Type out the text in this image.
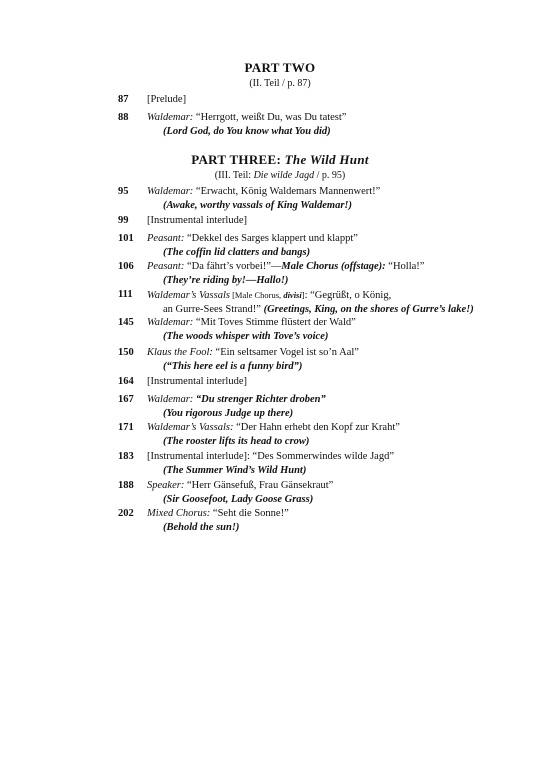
PART TWO
(II. Teil / p. 87)
87	[Prelude]
88	Waldemar: “Herrgott, weißt Du, was Du tatest”
(Lord God, do You know what You did)
PART THREE: The Wild Hunt
(III. Teil: Die wilde Jagd / p. 95)
95	Waldemar: “Erwacht, König Waldemars Mannenwert!”
(Awake, worthy vassals of King Waldemar!)
99	[Instrumental interlude]
101	Peasant: “Dekkel des Sarges klappert und klappt”
(The coffin lid clatters and bangs)
106	Peasant: “Da fährt’s vorbei!”—Male Chorus (offstage): “Holla!”
(They’re riding by!—Hallo!)
111	Waldemar’s Vassals [Male Chorus, divisi]: “Gegrüßt, o König,
an Gurre-Sees Strand!” (Greetings, King, on the shores of Gurre’s lake!)
145	Waldemar: “Mit Toves Stimme flüstert der Wald”
(The woods whisper with Tove’s voice)
150	Klaus the Fool: “Ein seltsamer Vogel ist so’n Aal”
(“This here eel is a funny bird”)
164	[Instrumental interlude]
167	Waldemar: “Du strenger Richter droben”
(You rigorous Judge up there)
171	Waldemar’s Vassals: “Der Hahn erhebt den Kopf zur Kraht”
(The rooster lifts its head to crow)
183	[Instrumental interlude]: “Des Sommerwindes wilde Jagd”
(The Summer Wind’s Wild Hunt)
188	Speaker: “Herr Gänsefuß, Frau Gänsekraut”
(Sir Goosefoot, Lady Goose Grass)
202	Mixed Chorus: “Seht die Sonne!”
(Behold the sun!)
